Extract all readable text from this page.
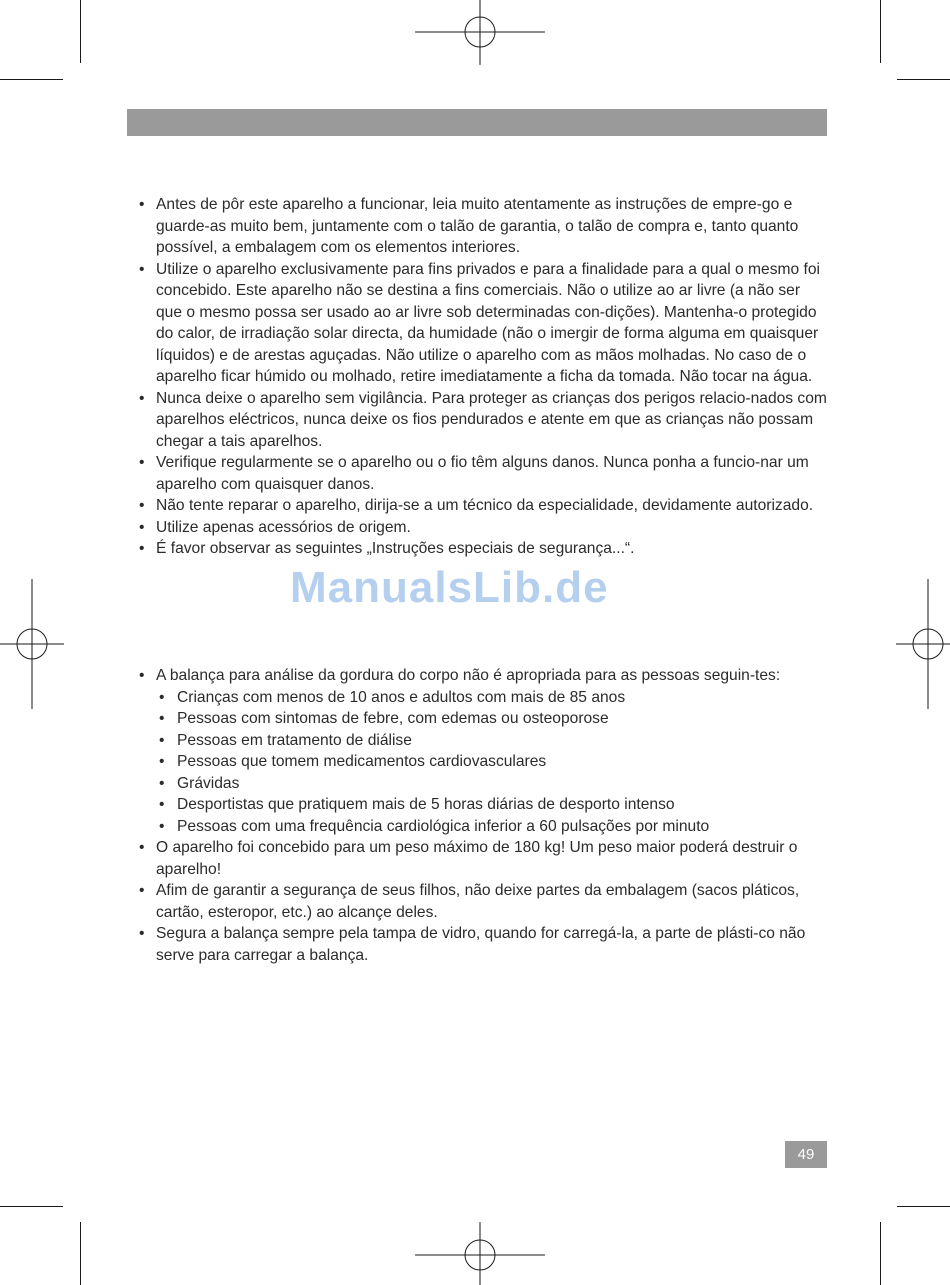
• Antes de pôr este aparelho a funcionar, leia muito atentamente as instruções de empre-go e guarde-as muito bem, juntamente com o talão de garantia, o talão de compra e, tanto quanto possível, a embalagem com os elementos interiores.
• Utilize o aparelho exclusivamente para fins privados e para a finalidade para a qual o mesmo foi concebido. Este aparelho não se destina a fins comerciais. Não o utilize ao ar livre (a não ser que o mesmo possa ser usado ao ar livre sob determinadas con-dições). Mantenha-o protegido do calor, de irradiação solar directa, da humidade (não o imergir de forma alguma em quaisquer líquidos) e de arestas aguçadas. Não utilize o aparelho com as mãos molhadas. No caso de o aparelho ficar húmido ou molhado, retire imediatamente a ficha da tomada. Não tocar na água.
• Nunca deixe o aparelho sem vigilância. Para proteger as crianças dos perigos relacio-nados com aparelhos eléctricos, nunca deixe os fios pendurados e atente em que as crianças não possam chegar a tais aparelhos.
• Verifique regularmente se o aparelho ou o fio têm alguns danos. Nunca ponha a funcio-nar um aparelho com quaisquer danos.
• Não tente reparar o aparelho, dirija-se a um técnico da especialidade, devidamente autorizado.
• Utilize apenas acessórios de origem.
• É favor observar as seguintes „Instruções especiais de segurança...“.
ManualsLib.de
• A balança para análise da gordura do corpo não é apropriada para as pessoas seguin-tes:
• Crianças com menos de 10 anos e adultos com mais de 85 anos
• Pessoas com sintomas de febre, com edemas ou osteoporose
• Pessoas em tratamento de diálise
• Pessoas que tomem medicamentos cardiovasculares
• Grávidas
• Desportistas que pratiquem mais de 5 horas diárias de desporto intenso
• Pessoas com uma frequência cardiológica inferior a 60 pulsações por minuto
• O aparelho foi concebido para um peso máximo de 180 kg! Um peso maior poderá destruir o aparelho!
• Afim de garantir a segurança de seus filhos, não deixe partes da embalagem (sacos pláticos, cartão, esteropor, etc.) ao alcançe deles.
• Segura a balança sempre pela tampa de vidro, quando for carregá-la, a parte de plásti-co não serve para carregar a balança.
49
